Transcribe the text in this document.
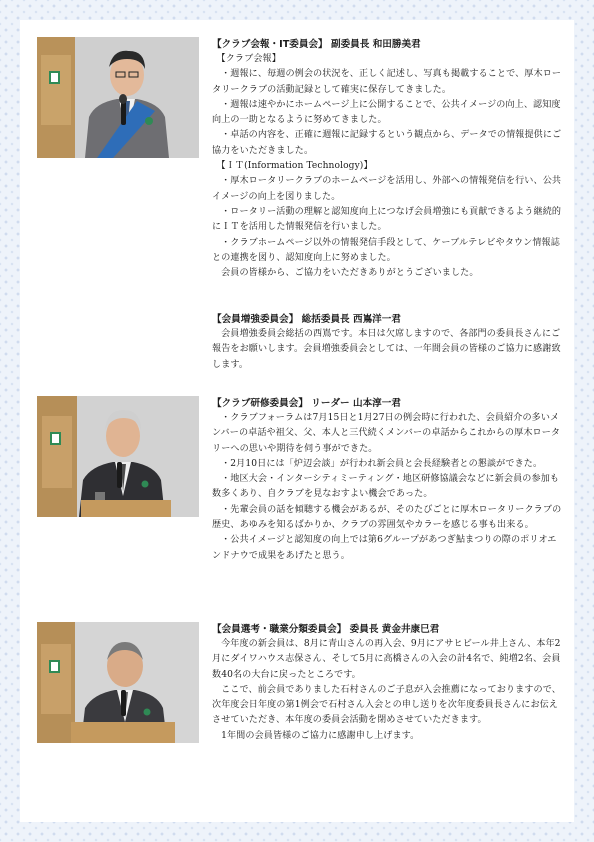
【クラブ会報・IT委員会】 副委員長 和田勝美君

【クラブ会報】

・週報に、毎週の例会の状況を、正しく記述し、写真も掲載することで、厚木ロータリークラブの活動記録として確実に保存してきました。

・週報は速やかにホームページ上に公開することで、公共イメージの向上、認知度向上の一助となるように努めてきました。

・卓話の内容を、正確に週報に記録するという観点から、データでの情報提供にご協力をいただきました。

【ＩＴ(Information Technology)】

・厚木ロータリークラブのホームページを活用し、外部への情報発信を行い、公共イメージの向上を図りました。

・ロータリー活動の理解と認知度向上につなげ会員増強にも貢献できるよう継続的にＩＴを活用した情報発信を行いました。

・クラブホームページ以外の情報発信手段として、ケーブルテレビやタウン情報誌との連携を図り、認知度向上に努めました。

会員の皆様から、ご協力をいただきありがとうございました。

【会員増強委員会】 総括委員長 西嶌洋一君

会員増強委員会総括の西嶌です。本日は欠席しますので、各部門の委員長さんにご報告をお願いします。会員増強委員会としては、一年間会員の皆様のご協力に感謝致します。

【クラブ研修委員会】 リーダー 山本淳一君

・クラブフォーラムは7月15日と1月27日の例会時に行われた、会員紹介の多いメンバーの卓話や祖父、父、本人と三代続くメンバーの卓話からこれからの厚木ロータリーへの思いや期待を伺う事ができた。

・2月10日には「炉辺会談」が行われ新会員と会長経験者との懇談ができた。

・地区大会・インターシティミーティング・地区研修協議会などに新会員の参加も数多くあり、自クラブを見なおすよい機会であった。

・先輩会員の話を傾聴する機会があるが、そのたびごとに厚木ロータリークラブの歴史、あゆみを知るばかりか、クラブの雰囲気やカラーを感じる事も出来る。

・公共イメージと認知度の向上では第6グループがあつぎ鮎まつりの際のポリオエンドナウで成果をあげたと思う。

【会員選考・職業分類委員会】 委員長 黄金井康巳君

今年度の新会員は、8月に青山さんの再入会、9月にアサヒビール井上さん、本年2月にダイワハウス志保さん、そして5月に高橋さんの入会の計4名で、純増2名、会員数40名の大台に戻ったところです。

ここで、前会員でありました石村さんのご子息が入会推薦になっておりますので、次年度会日年度の第1例会で石村さん入会との申し送りを次年度委員長さんにお伝えさせていただき、本年度の委員会活動を閉めさせていただきます。

1年間の会員皆様のご協力に感謝申し上げます。
